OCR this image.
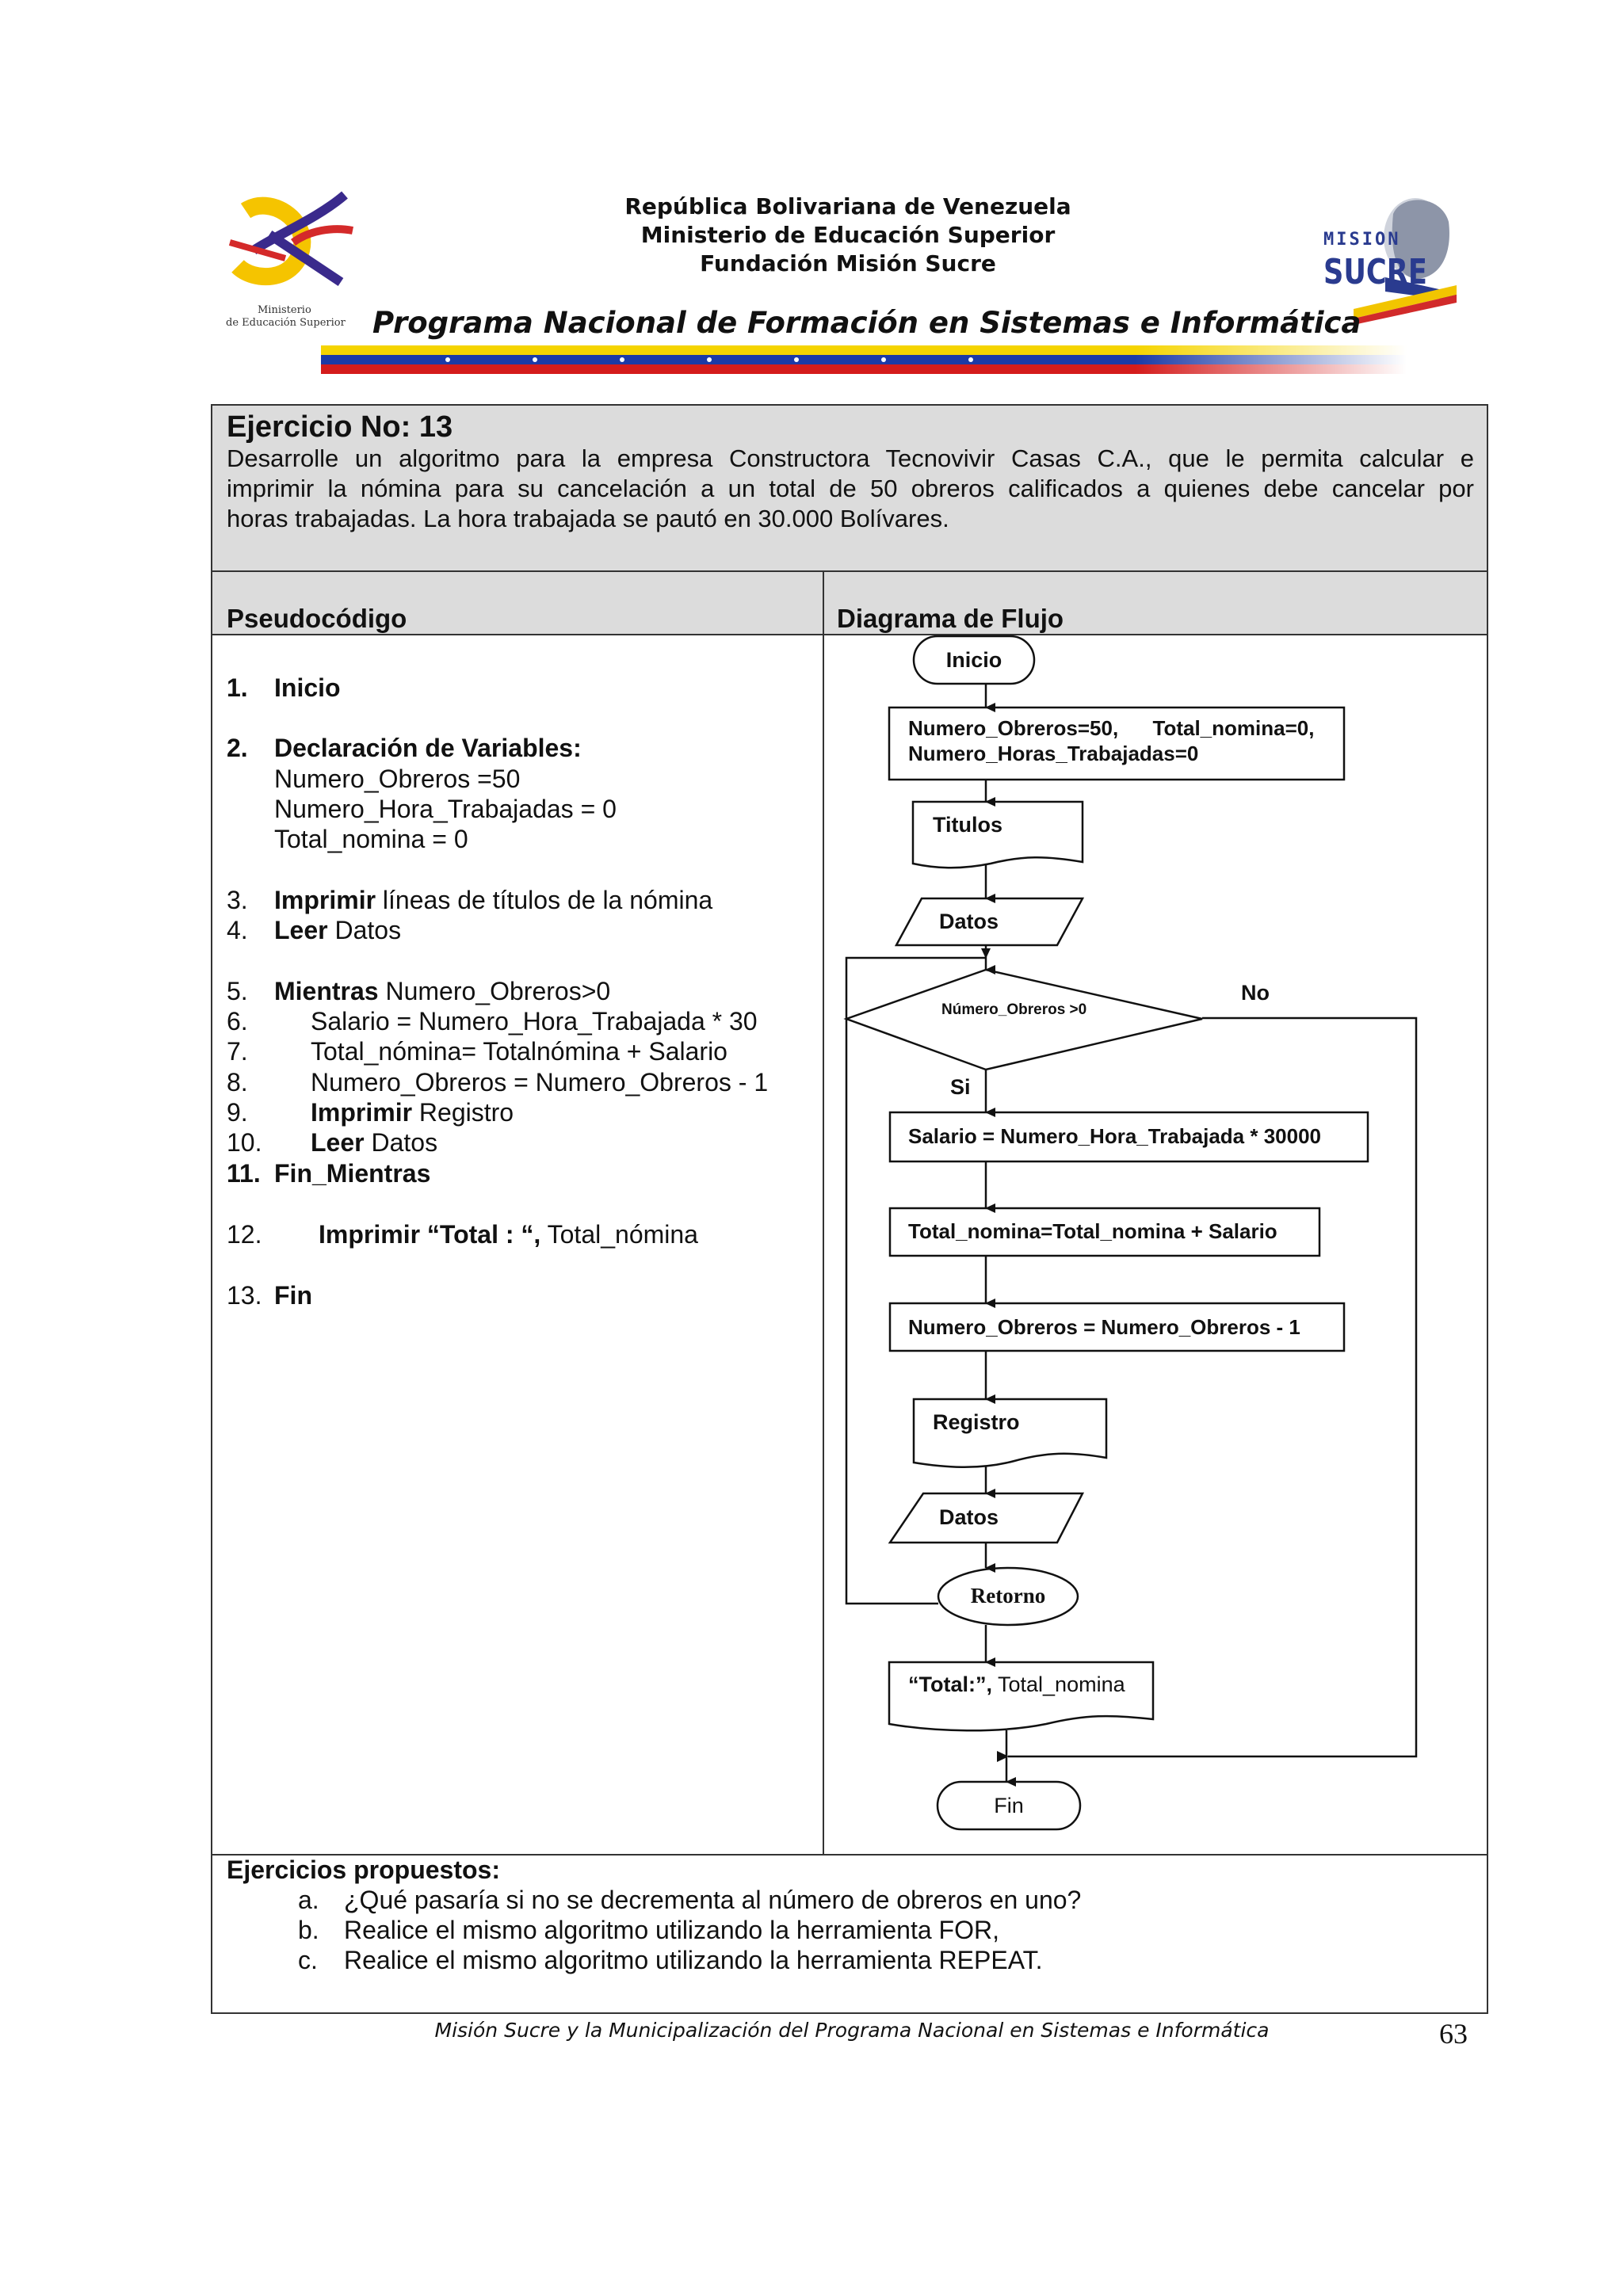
Ministerio
de Educación Superior
República Bolivariana de Venezuela
Ministerio de Educación Superior
Fundación Misión Sucre
MISION
SUCRE
Programa Nacional de Formación en Sistemas e Informática
Ejercicio No: 13
Desarrolle un algoritmo para la empresa Constructora Tecnovivir Casas C.A., que le permita calcular e
imprimir la nómina para su cancelación a un total de 50 obreros calificados a quienes debe cancelar por
horas trabajadas. La hora trabajada se pautó en 30.000 Bolívares.
Pseudocódigo	Diagrama de Flujo
1. Inicio
2. Declaración de Variables:
Numero_Obreros =50
Numero_Hora_Trabajadas = 0
Total_nomina = 0
3. Imprimir líneas de títulos de la nómina
4. Leer Datos
5. Mientras Numero_Obreros>0
6. Salario = Numero_Hora_Trabajada * 30
7. Total_nómina= Totalnómina + Salario
8. Numero_Obreros = Numero_Obreros - 1
9. Imprimir Registro
10. Leer Datos
11. Fin_Mientras
12. Imprimir “Total : “, Total_nómina
13. Fin
Inicio
Numero_Obreros=50,      Total_nomina=0,
Numero_Horas_Trabajadas=0
Titulos
Datos
Número_Obreros >0
No
Si
Salario = Numero_Hora_Trabajada * 30000
Total_nomina=Total_nomina + Salario
Numero_Obreros = Numero_Obreros - 1
Registro
Datos
Retorno
“Total:”, Total_nomina
Fin
Ejercicios propuestos:
a. ¿Qué pasaría si no se decrementa al número de obreros en uno?
b. Realice el mismo algoritmo utilizando la herramienta FOR,
c. Realice el mismo algoritmo utilizando la herramienta REPEAT.
Misión Sucre y la Municipalización del Programa Nacional en Sistemas e Informática	63
